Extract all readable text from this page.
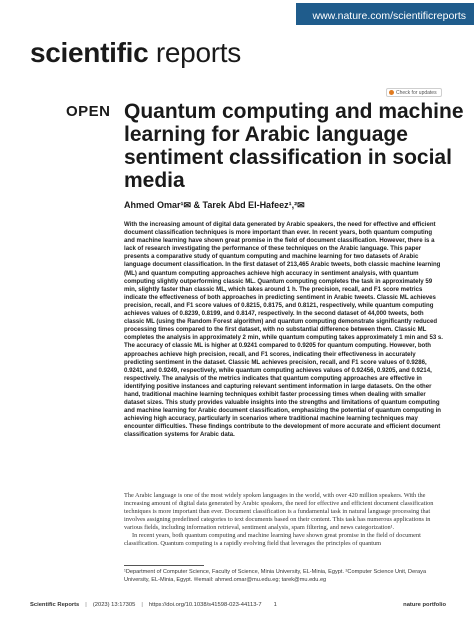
www.nature.com/scientificreports
scientific reports
Check for updates
OPEN Quantum computing and machine learning for Arabic language sentiment classification in social media
Ahmed Omar¹✉ & Tarek Abd El-Hafeez¹,²✉
With the increasing amount of digital data generated by Arabic speakers, the need for effective and efficient document classification techniques is more important than ever. In recent years, both quantum computing and machine learning have shown great promise in the field of document classification. However, there is a lack of research investigating the performance of these techniques on the Arabic language. This paper presents a comparative study of quantum computing and machine learning for two datasets of Arabic language document classification. In the first dataset of 213,465 Arabic tweets, both classic machine learning (ML) and quantum computing approaches achieve high accuracy in sentiment analysis, with quantum computing slightly outperforming classic ML. Quantum computing completes the task in approximately 59 min, slightly faster than classic ML, which takes around 1 h. The precision, recall, and F1 score metrics indicate the effectiveness of both approaches in predicting sentiment in Arabic tweets. Classic ML achieves precision, recall, and F1 score values of 0.8215, 0.8175, and 0.8121, respectively, while quantum computing achieves values of 0.8239, 0.8199, and 0.8147, respectively. In the second dataset of 44,000 tweets, both classic ML (using the Random Forest algorithm) and quantum computing demonstrate significantly reduced processing times compared to the first dataset, with no substantial difference between them. Classic ML completes the analysis in approximately 2 min, while quantum computing takes approximately 1 min and 53 s. The accuracy of classic ML is higher at 0.9241 compared to 0.9205 for quantum computing. However, both approaches achieve high precision, recall, and F1 scores, indicating their effectiveness in accurately predicting sentiment in the dataset. Classic ML achieves precision, recall, and F1 score values of 0.9286, 0.9241, and 0.9249, respectively, while quantum computing achieves values of 0.92456, 0.9205, and 0.9214, respectively. The analysis of the metrics indicates that quantum computing approaches are effective in identifying positive instances and capturing relevant sentiment information in large datasets. On the other hand, traditional machine learning techniques exhibit faster processing times when dealing with smaller dataset sizes. This study provides valuable insights into the strengths and limitations of quantum computing and machine learning for Arabic document classification, emphasizing the potential of quantum computing in achieving high accuracy, particularly in scenarios where traditional machine learning techniques may encounter difficulties. These findings contribute to the development of more accurate and efficient document classification systems for Arabic data.

The Arabic language is one of the most widely spoken languages in the world, with over 420 million speakers. With the increasing amount of digital data generated by Arabic speakers, the need for effective and efficient document classification techniques is more important than ever. Document classification is a fundamental task in natural language processing that involves assigning predefined categories to text documents based on their content. This task has numerous applications in various fields, including information retrieval, sentiment analysis, spam filtering, and news categorization¹.

In recent years, both quantum computing and machine learning have shown great promise in the field of document classification. Quantum computing is a rapidly evolving field that leverages the principles of quantum

¹Department of Computer Science, Faculty of Science, Minia University, EL-Minia, Egypt. ²Computer Science Unit, Deraya University, EL-Minia, Egypt. ✉email: ahmed.omar@mu.edu.eg; tarek@mu.edu.eg
Scientific Reports | (2023) 13:17305 | https://doi.org/10.1038/s41598-023-44113-7 1	nature portfolio
